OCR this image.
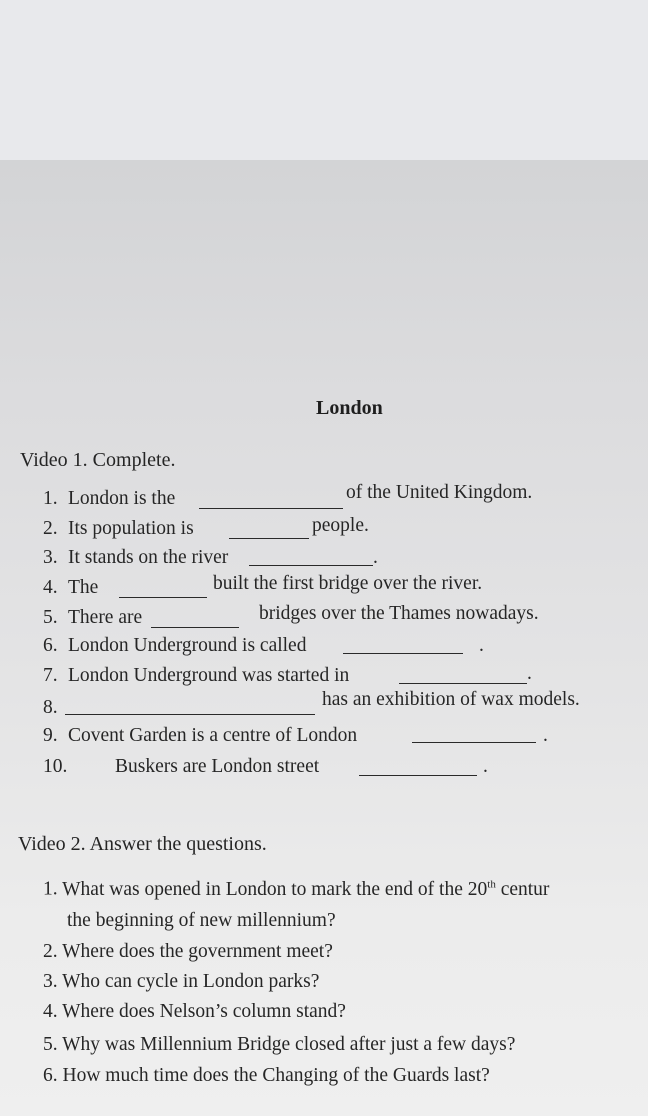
London
Video 1. Complete.
1. London is the	of the United Kingdom.
2. Its population is	people.
3. It stands on the river	.
4. The	built the first bridge over the river.
5. There are	bridges over the Thames nowadays.
6. London Underground is called	.
7. London Underground was started in	.
8.	has an exhibition of wax models.
9. Covent Garden is a centre of London	.
10. Buskers are London street	.
Video 2. Answer the questions.
1. What was opened in London to mark the end of the 20th centur
the beginning of new millennium?
2. Where does the government meet?
3. Who can cycle in London parks?
4. Where does Nelson’s column stand?
5. Why was Millennium Bridge closed after just a few days?
6. How much time does the Changing of the Guards last?
